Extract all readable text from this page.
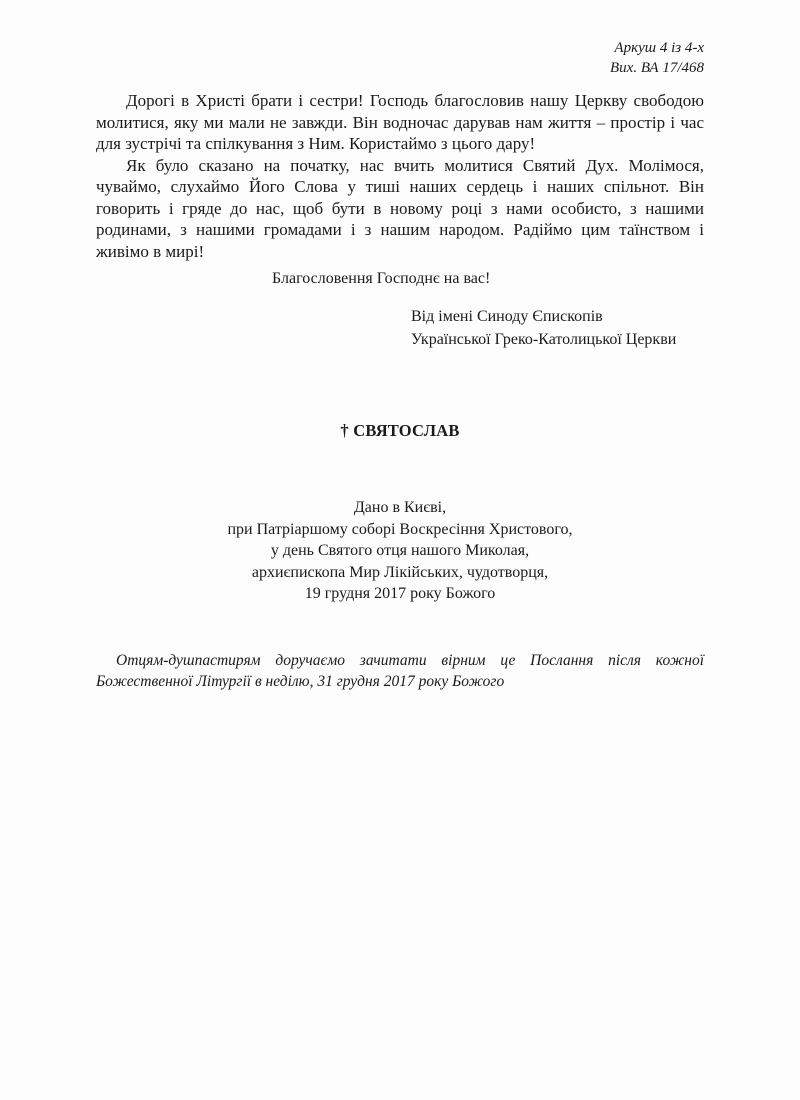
Аркуш 4 із 4-х
Вих. ВА 17/468

Дорогі в Христі брати і сестри! Господь благословив нашу Церкву свободою молитися, яку ми мали не завжди. Він водночас дарував нам життя – простір і час для зустрічі та спілкування з Ним. Користаймо з цього дару!

Як було сказано на початку, нас вчить молитися Святий Дух. Молімося, чуваймо, слухаймо Його Слова у тиші наших сердець і наших спільнот. Він говорить і гряде до нас, щоб бути в новому році з нами особисто, з нашими родинами, з нашими громадами і з нашим народом. Радіймо цим таїнством і живімо в мирі!

Благословення Господнє на вас!
Від імені Синоду Єпископів
Української Греко-Католицької Церкви
† СВЯТОСЛАВ
Дано в Києві,
при Патріаршому соборі Воскресіння Христового,
у день Святого отця нашого Миколая,
архиєпископа Мир Лікійських, чудотворця,
19 грудня 2017 року Божого
Отцям-душпастирям доручаємо зачитати вірним це Послання після кожної Божественної Літургії в неділю, 31 грудня 2017 року Божого
